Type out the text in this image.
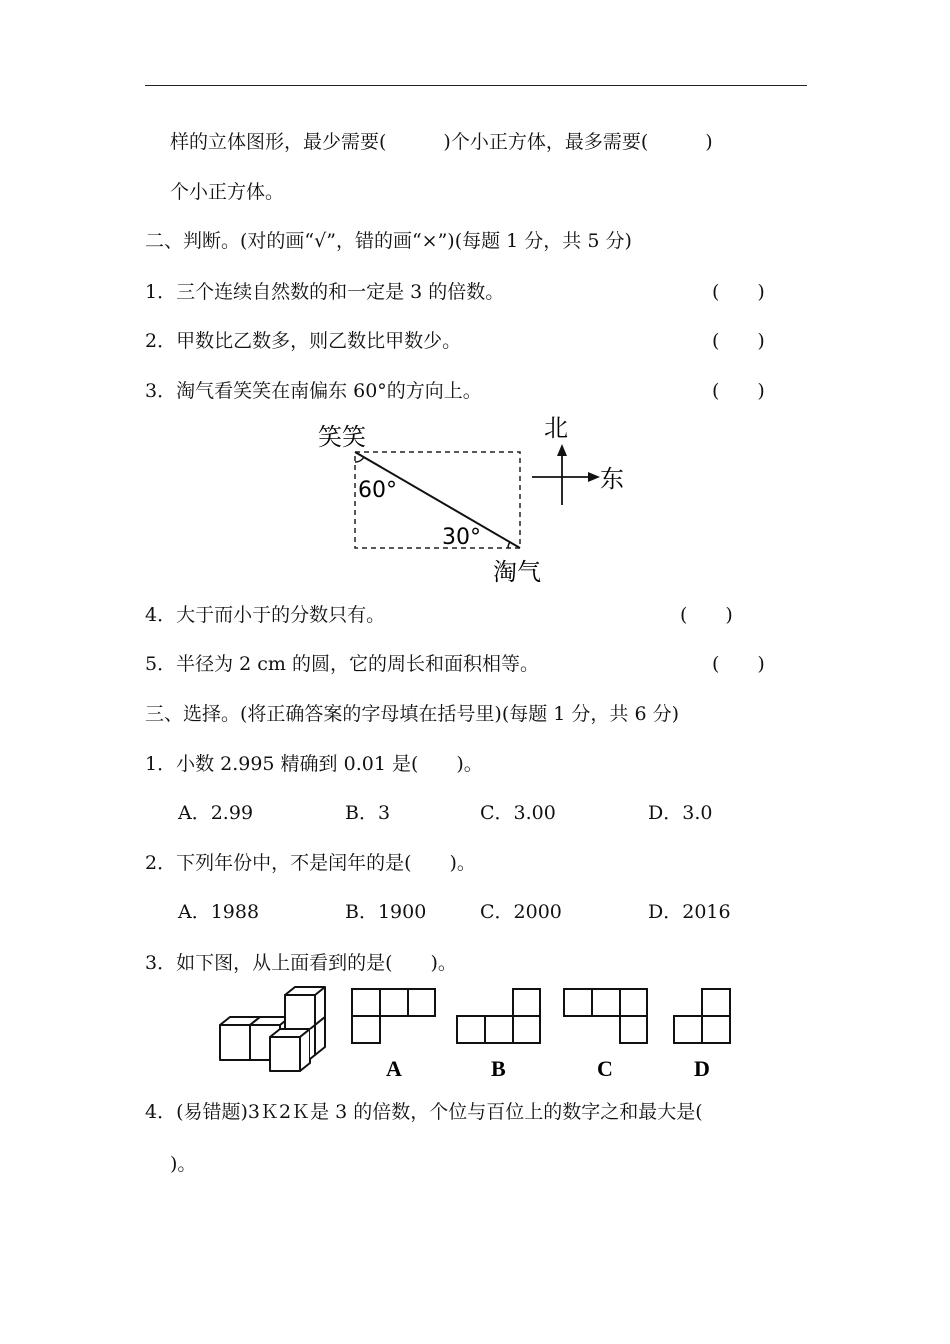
样的立体图形，最少需要(　　　)个小正方体，最多需要(　　　)
个小正方体。
二、判断。(对的画“√”，错的画“×”)(每题 1 分，共 5 分)
1．三个连续自然数的和一定是 3 的倍数。	(　　)
2．甲数比乙数多，则乙数比甲数少。	(　　)
3．淘气看笑笑在南偏东 60°的方向上。	(　　)
笑笑
60°
30°
淘气
北
东
4．大于而小于的分数只有。	(　　)
5．半径为 2 cm 的圆，它的周长和面积相等。	(　　)
三、选择。(将正确答案的字母填在括号里)(每题 1 分，共 6 分)
1．小数 2.995 精确到 0.01 是(　　)。
A．2.99	B．3	C．3.00	D．3.0
2．下列年份中，不是闰年的是(　　)。
A．1988	B．1900	C．2000	D．2016
3．如下图，从上面看到的是(　　)。
A	B	C	D
4．(易错题)3Ｋ2Ｋ是 3 的倍数，个位与百位上的数字之和最大是(
)。
